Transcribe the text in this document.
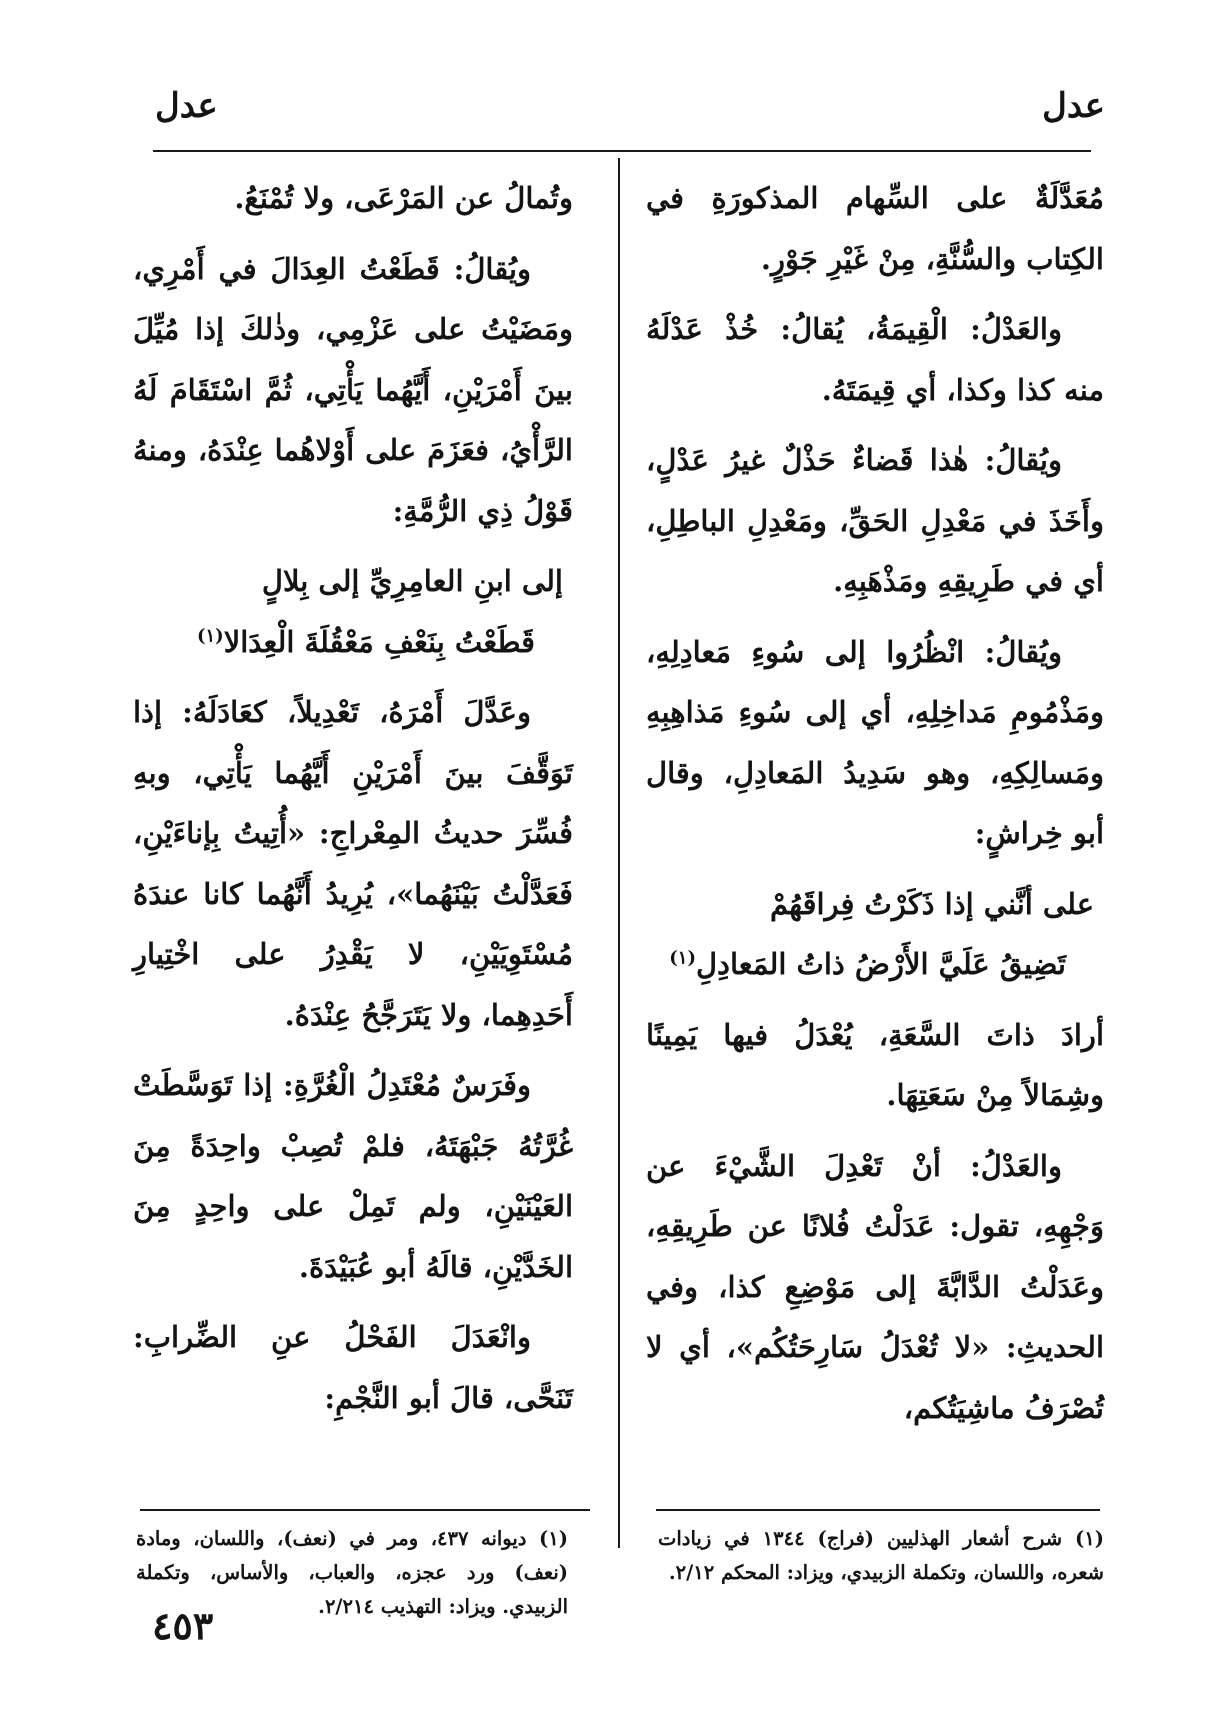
عدل
عدل

مُعَدَّلَةٌ على السِّهام المذكورَةِ في الكِتاب والسُّنَّةِ، مِنْ غَيْرِ جَوْرٍ.

والعَدْلُ: الْقِيمَةُ، يُقالُ: خُذْ عَدْلَهُ منه كذا وكذا، أي قِيمَتَهُ.

ويُقالُ: هٰذا قَضاءٌ حَذْلٌ غيرُ عَدْلٍ، وأَخَذَ في مَعْدِلِ الحَقِّ، ومَعْدِلِ الباطِلِ، أي في طَرِيقِهِ ومَذْهَبِهِ.

ويُقالُ: انْظُرُوا إلى سُوءِ مَعادِلِهِ، ومَذْمُومِ مَداخِلِهِ، أي إلى سُوءِ مَذاهِبِهِ ومَسالِكِهِ، وهو سَدِيدُ المَعادِلِ، وقال أبو خِراشٍ:

على أنَّني إذا ذَكَرْتُ فِراقَهُمْ
تَضِيقُ عَلَيَّ الأَرْضُ ذاتُ المَعادِلِ$^{(١)}$

أرادَ ذاتَ السَّعَةِ، يُعْدَلُ فيها يَمِينًا وشِمَالاً مِنْ سَعَتِهَا.

والعَدْلُ: أنْ تَعْدِلَ الشَّيْءَ عن وَجْهِهِ، تقول: عَدَلْتُ فُلانًا عن طَرِيقِهِ، وعَدَلْتُ الدَّابَّةَ إلى مَوْضِعِ كذا، وفي الحديثِ: «لا تُعْدَلُ سَارِحَتُكُم»، أي لا تُصْرَفُ ماشِيَتُكم،

وتُمالُ عن المَرْعَى، ولا تُمْنَعُ.

ويُقالُ: قَطَعْتُ العِدَالَ في أَمْرِي، ومَضَيْتُ على عَزْمِي، وذٰلكَ إذا مُيِّلَ بينَ أَمْرَيْنِ، أَيَّهُما يَأْتِي، ثُمَّ اسْتَقَامَ لَهُ الرَّأْيُ، فعَزَمَ على أَوْلاهُما عِنْدَهُ، ومنهُ قَوْلُ ذِي الرُّمَّةِ:

إلى ابنِ العامِرِيِّ إلى بِلالٍ
قَطَعْتُ بِنَعْفِ مَعْقُلَةَ الْعِدَالا$^{(١)}$

وعَدَّلَ أَمْرَهُ، تَعْدِيلاً، كعَادَلَهُ: إذا تَوَقَّفَ بينَ أَمْرَيْنِ أَيَّهُما يَأْتِي، وبهِ فُسِّرَ حديثُ المِعْراجِ: «أُتِيتُ بِإناءَيْنِ، فَعَدَّلْتُ بَيْنَهُما»، يُرِيدُ أَنَّهُما كانا عندَهُ مُسْتَوِيَيْنِ، لا يَقْدِرُ على اخْتِيارِ أَحَدِهِما، ولا يَتَرَجَّحُ عِنْدَهُ.

وفَرَسٌ مُعْتَدِلُ الْغُرَّةِ: إذا تَوَسَّطَتْ غُرَّتُهُ جَبْهَتَهُ، فلمْ تُصِبْ واحِدَةً مِنَ العَيْنَيْنِ، ولم تَمِلْ على واحِدٍ مِنَ الخَدَّيْنِ، قالَهُ أبو عُبَيْدَةَ.

وانْعَدَلَ الفَحْلُ عنِ الضِّرابِ: تَنَحَّى، قالَ أبو النَّجْمِ:

(١) شرح أشعار الهذليين (فراج) ١٣٤٤ في زيادات شعره، واللسان، وتكملة الزبيدي، ويزاد: المحكم ٢/١٢.
(١) ديوانه ٤٣٧، ومر في (نعف)، واللسان، ومادة (نعف) ورد عجزه، والعباب، والأساس، وتكملة الزبيدي. ويزاد: التهذيب ٢/٢١٤.
٤٥٣
